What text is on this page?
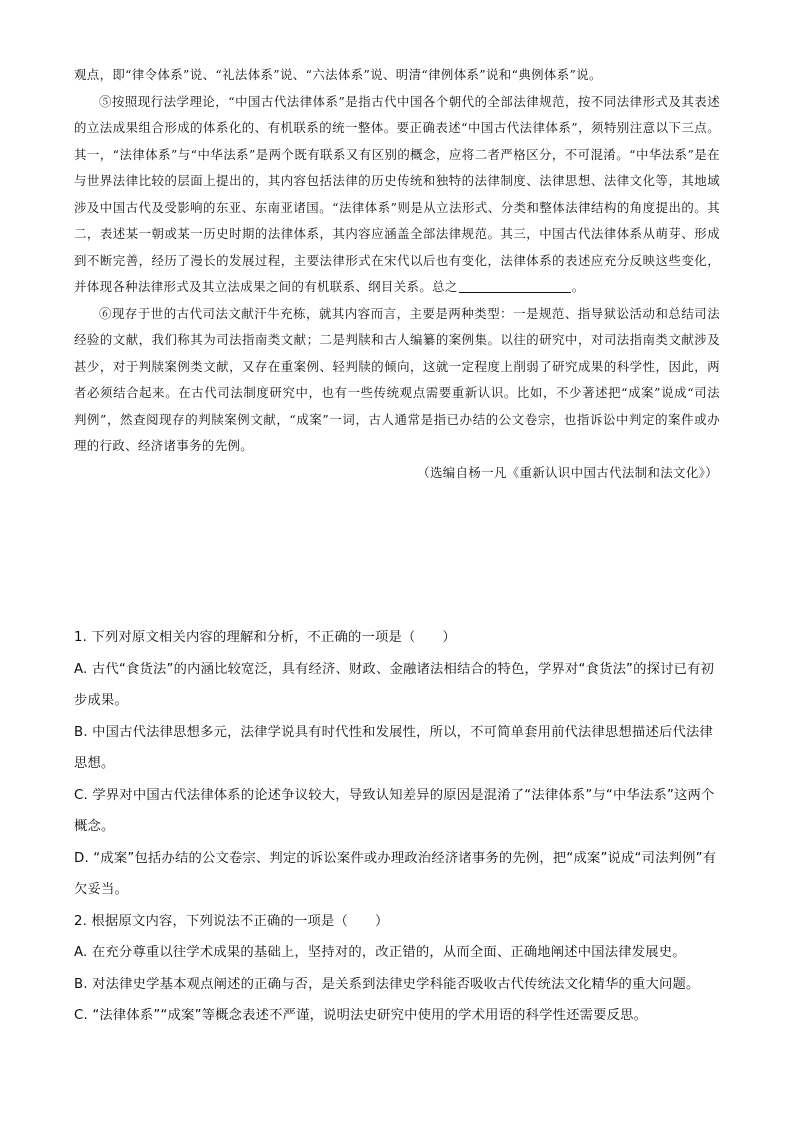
观点，即“律令体系”说、“礼法体系”说、“六法体系”说、明清“律例体系”说和“典例体系”说。

⑤按照现行法学理论，“中国古代法律体系”是指古代中国各个朝代的全部法律规范，按不同法律形式及其表述的立法成果组合形成的体系化的、有机联系的统一整体。要正确表述“中国古代法律体系”，须特别注意以下三点。其一，“法律体系”与“中华法系”是两个既有联系又有区别的概念，应将二者严格区分，不可混淆。“中华法系”是在与世界法律比较的层面上提出的，其内容包括法律的历史传统和独特的法律制度、法律思想、法律文化等，其地域涉及中国古代及受影响的东亚、东南亚诸国。“法律体系”则是从立法形式、分类和整体法律结构的角度提出的。其二，表述某一朝或某一历史时期的法律体系，其内容应涵盖全部法律规范。其三，中国古代法律体系从萌芽、形成到不断完善，经历了漫长的发展过程，主要法律形式在宋代以后也有变化，法律体系的表述应充分反映这些变化，并体现各种法律形式及其立法成果之间的有机联系、纲目关系。总之	。

⑥现存于世的古代司法文献汗牛充栋，就其内容而言，主要是两种类型：一是规范、指导狱讼活动和总结司法经验的文献，我们称其为司法指南类文献；二是判牍和古人编纂的案例集。以往的研究中，对司法指南类文献涉及甚少，对于判牍案例类文献，又存在重案例、轻判牍的倾向，这就一定程度上削弱了研究成果的科学性，因此，两者必须结合起来。在古代司法制度研究中，也有一些传统观点需要重新认识。比如，不少著述把“成案”说成“司法判例”，然查阅现存的判牍案例文献，“成案”一词，古人通常是指已办结的公文卷宗，也指诉讼中判定的案件或办理的行政、经济诸事务的先例。

（选编自杨一凡《重新认识中国古代法制和法文化》）

1. 下列对原文相关内容的理解和分析，不正确的一项是（　　）

A. 古代“食货法”的内涵比较宽泛，具有经济、财政、金融诸法相结合的特色，学界对“食货法”的探讨已有初步成果。

B. 中国古代法律思想多元，法律学说具有时代性和发展性，所以，不可简单套用前代法律思想描述后代法律思想。

C. 学界对中国古代法律体系的论述争议较大，导致认知差异的原因是混淆了“法律体系”与“中华法系”这两个概念。

D. “成案”包括办结的公文卷宗、判定的诉讼案件或办理政治经济诸事务的先例，把“成案”说成“司法判例”有欠妥当。

2. 根据原文内容，下列说法不正确的一项是（　　）

A. 在充分尊重以往学术成果的基础上，坚持对的，改正错的，从而全面、正确地阐述中国法律发展史。

B. 对法律史学基本观点阐述的正确与否，是关系到法律史学科能否吸收古代传统法文化精华的重大问题。

C. “法律体系”“成案”等概念表述不严谨，说明法史研究中使用的学术用语的科学性还需要反思。
